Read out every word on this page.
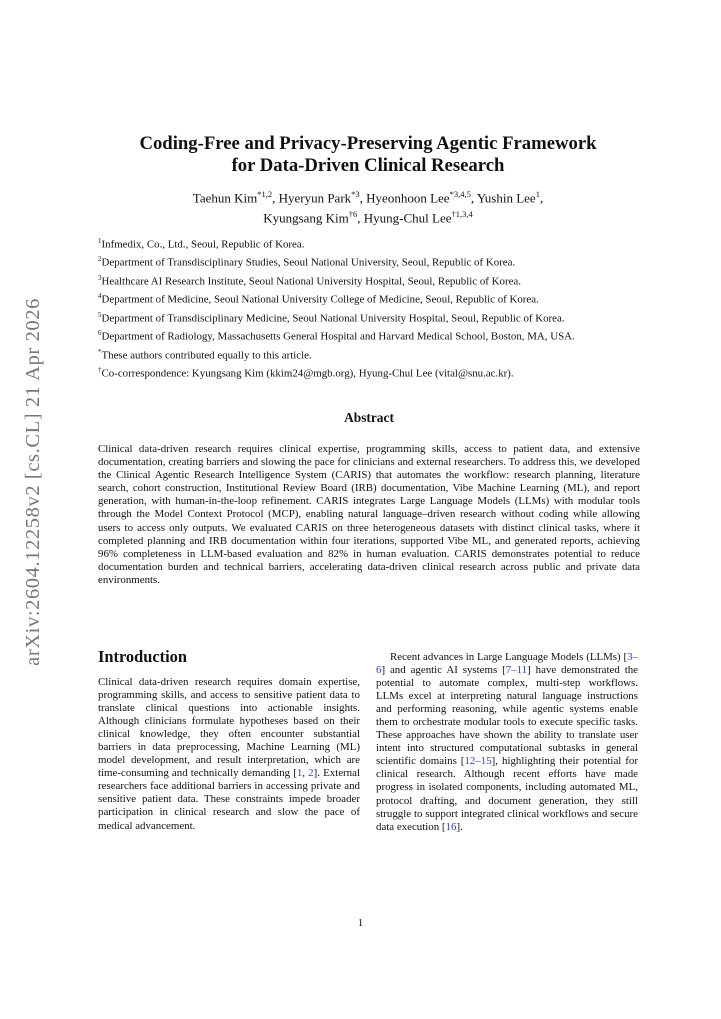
arXiv:2604.12258v2 [cs.CL] 21 Apr 2026
Coding-Free and Privacy-Preserving Agentic Framework
for Data-Driven Clinical Research
Taehun Kim$^{*1,2}$, Hyeryun Park$^{*3}$, Hyeonhoon Lee$^{*3,4,5}$, Yushin Lee$^1$,
Kyungsang Kim$^{\dagger 6}$, Hyung-Chul Lee$^{\dagger 1,3,4}$

$^1$Infmedix, Co., Ltd., Seoul, Republic of Korea.

$^2$Department of Transdisciplinary Studies, Seoul National University, Seoul, Republic of Korea.

$^3$Healthcare AI Research Institute, Seoul National University Hospital, Seoul, Republic of Korea.

$^4$Department of Medicine, Seoul National University College of Medicine, Seoul, Republic of Korea.

$^5$Department of Transdisciplinary Medicine, Seoul National University Hospital, Seoul, Republic of Korea.

$^6$Department of Radiology, Massachusetts General Hospital and Harvard Medical School, Boston, MA, USA.

*These authors contributed equally to this article.

†Co-correspondence: Kyungsang Kim (kkim24@mgb.org), Hyung-Chul Lee (vital@snu.ac.kr).

Abstract
Clinical data-driven research requires clinical expertise, programming skills, access to patient data, and extensive documentation, creating barriers and slowing the pace for clinicians and external researchers. To address this, we developed the Clinical Agentic Research Intelligence System (CARIS) that automates the workflow: research planning, literature search, cohort construction, Institutional Review Board (IRB) documentation, Vibe Machine Learning (ML), and report generation, with human-in-the-loop refinement. CARIS integrates Large Language Models (LLMs) with modular tools through the Model Context Protocol (MCP), enabling natural language–driven research without coding while allowing users to access only outputs. We evaluated CARIS on three heterogeneous datasets with distinct clinical tasks, where it completed planning and IRB documentation within four iterations, supported Vibe ML, and generated reports, achieving 96% completeness in LLM-based evaluation and 82% in human evaluation. CARIS demonstrates potential to reduce documentation burden and technical barriers, accelerating data-driven clinical research across public and private data environments.
Introduction
Clinical data-driven research requires domain expertise, programming skills, and access to sensitive patient data to translate clinical questions into actionable insights. Although clinicians formulate hypotheses based on their clinical knowledge, they often encounter substantial barriers in data preprocessing, Machine Learning (ML) model development, and result interpretation, which are time-consuming and technically demanding [1, 2]. External researchers face additional barriers in accessing private and sensitive patient data. These constraints impede broader participation in clinical research and slow the pace of medical advancement.
Recent advances in Large Language Models (LLMs) [3–6] and agentic AI systems [7–11] have demonstrated the potential to automate complex, multi-step workflows. LLMs excel at interpreting natural language instructions and performing reasoning, while agentic systems enable them to orchestrate modular tools to execute specific tasks. These approaches have shown the ability to translate user intent into structured computational subtasks in general scientific domains [12–15], highlighting their potential for clinical research. Although recent efforts have made progress in isolated components, including automated ML, protocol drafting, and document generation, they still struggle to support integrated clinical workflows and secure data execution [16].
1
